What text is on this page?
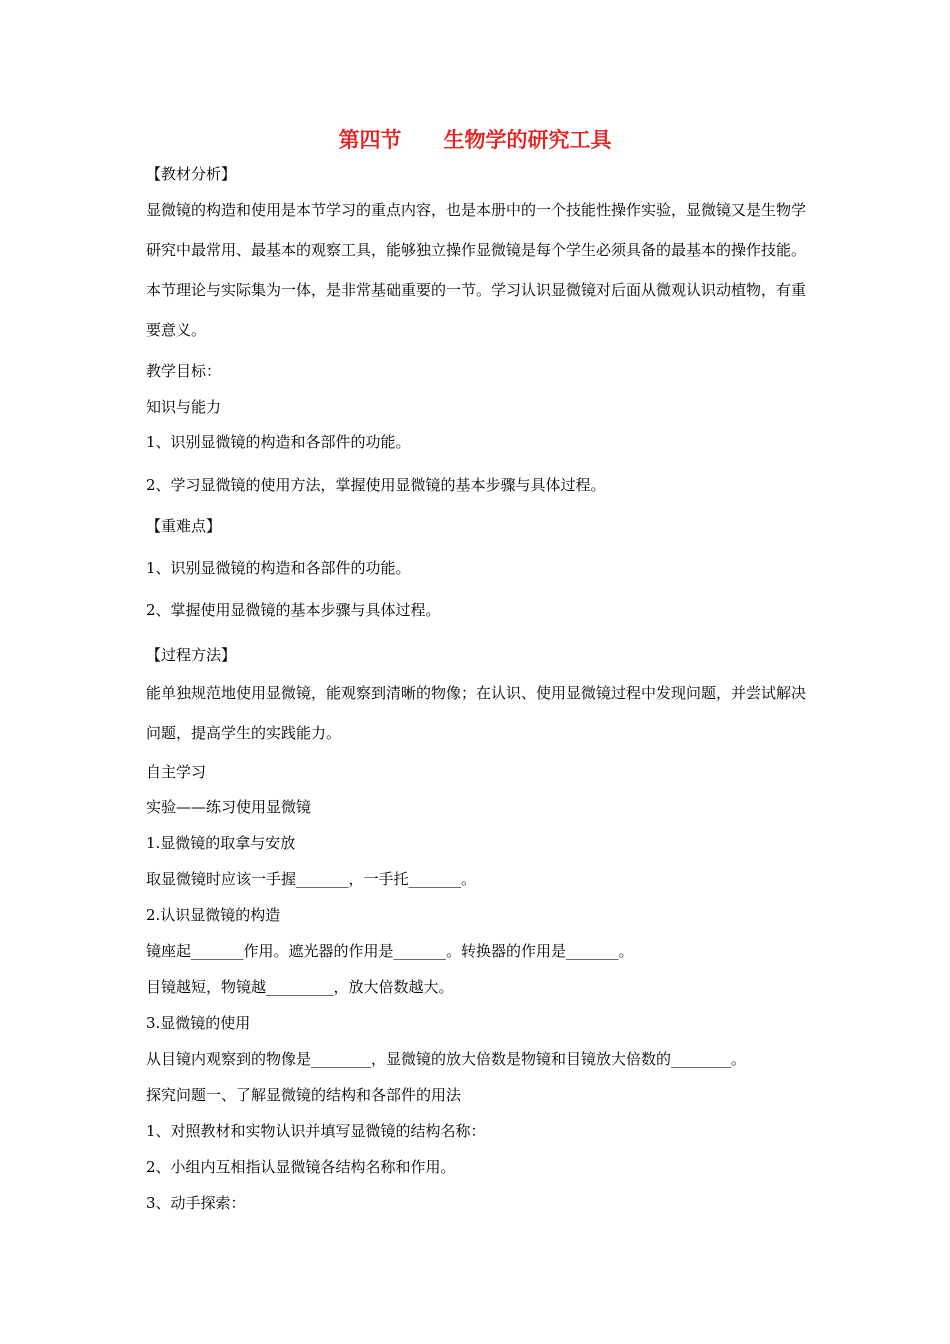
第四节　　生物学的研究工具
【教材分析】
显微镜的构造和使用是本节学习的重点内容，也是本册中的一个技能性操作实验，显微镜又是生物学研究中最常用、最基本的观察工具，能够独立操作显微镜是每个学生必须具备的最基本的操作技能。本节理论与实际集为一体，是非常基础重要的一节。学习认识显微镜对后面从微观认识动植物，有重要意义。
教学目标：
知识与能力
1、识别显微镜的构造和各部件的功能。
2、学习显微镜的使用方法，掌握使用显微镜的基本步骤与具体过程。
【重难点】
1、识别显微镜的构造和各部件的功能。
2、掌握使用显微镜的基本步骤与具体过程。
【过程方法】
能单独规范地使用显微镜，能观察到清晰的物像；在认识、使用显微镜过程中发现问题，并尝试解决问题，提高学生的实践能力。
自主学习
实验——练习使用显微镜
1.显微镜的取拿与安放
取显微镜时应该一手握_______，一手托_______。
2.认识显微镜的构造
镜座起_______作用。遮光器的作用是_______。转换器的作用是_______。
目镜越短，物镜越_________，放大倍数越大。
3.显微镜的使用
从目镜内观察到的物像是________，显微镜的放大倍数是物镜和目镜放大倍数的________。
探究问题一、了解显微镜的结构和各部件的用法
1、对照教材和实物认识并填写显微镜的结构名称：
2、小组内互相指认显微镜各结构名称和作用。
3、动手探索：
